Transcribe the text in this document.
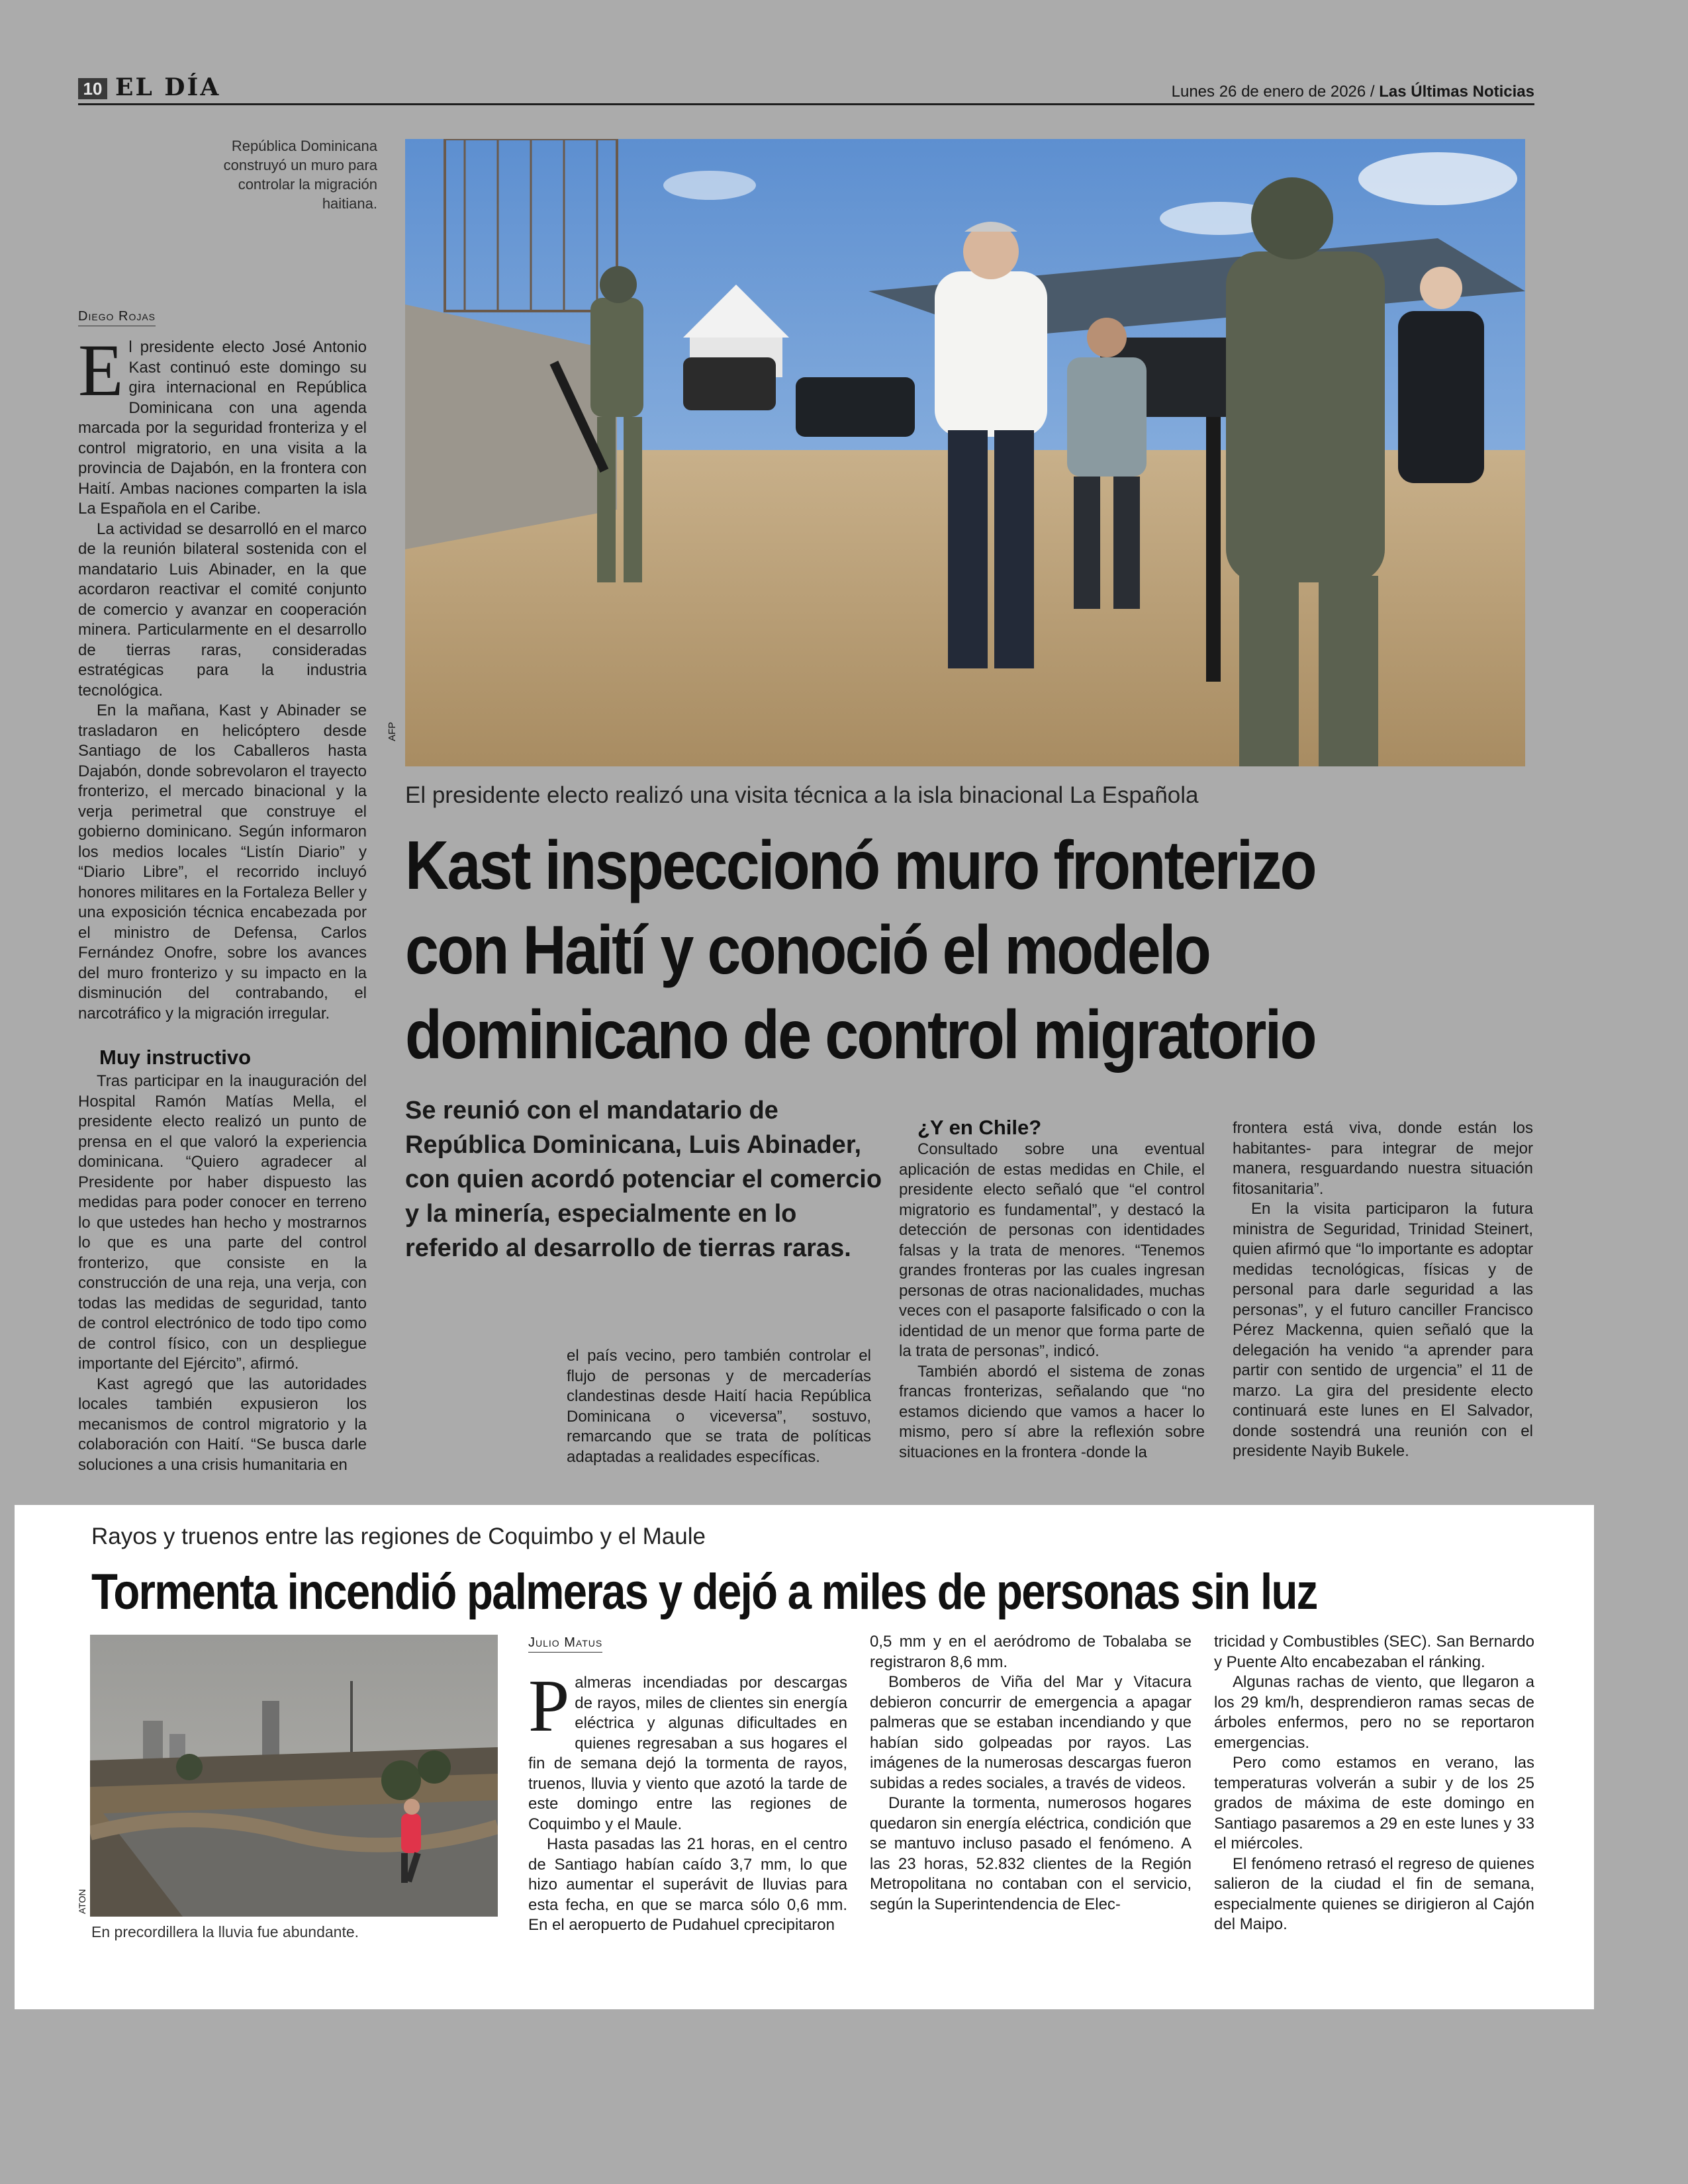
10 EL DÍA	Lunes 26 de enero de 2026 / Las Últimas Noticias
AFP
República Dominicana construyó un muro para controlar la migración haitiana.
Diego Rojas

El presidente electo José Antonio Kast continuó este domingo su gira internacional en República Dominicana con una agenda marcada por la seguridad fronteriza y el control migratorio, en una visita a la provincia de Dajabón, en la frontera con Haití. Ambas naciones comparten la isla La Española en el Caribe.

La actividad se desarrolló en el marco de la reunión bilateral sostenida con el mandatario Luis Abinader, en la que acordaron reactivar el comité conjunto de comercio y avanzar en cooperación minera. Particularmente en el desarrollo de tierras raras, consideradas estratégicas para la industria tecnológica.

En la mañana, Kast y Abinader se trasladaron en helicóptero desde Santiago de los Caballeros hasta Dajabón, donde sobrevolaron el trayecto fronterizo, el mercado binacional y la verja perimetral que construye el gobierno dominicano. Según informaron los medios locales “Listín Diario” y “Diario Libre”, el recorrido incluyó honores militares en la Fortaleza Beller y una exposición técnica encabezada por el ministro de Defensa, Carlos Fernández Onofre, sobre los avances del muro fronterizo y su impacto en la disminución del contrabando, el narcotráfico y la migración irregular.

Muy instructivo

Tras participar en la inauguración del Hospital Ramón Matías Mella, el presidente electo realizó un punto de prensa en el que valoró la experiencia dominicana. “Quiero agradecer al Presidente por haber dispuesto las medidas para poder conocer en terreno lo que ustedes han hecho y mostrarnos lo que es una parte del control fronterizo, que consiste en la construcción de una reja, una verja, con todas las medidas de seguridad, tanto de control electrónico de todo tipo como de control físico, con un despliegue importante del Ejército”, afirmó.

Kast agregó que las autoridades locales también expusieron los mecanismos de control migratorio y la colaboración con Haití. “Se busca darle soluciones a una crisis humanitaria en

El presidente electo realizó una visita técnica a la isla binacional La Española
Kast inspeccionó muro fronterizo con Haití y conoció el modelo dominicano de control migratorio
Se reunió con el mandatario de República Dominicana, Luis Abinader, con quien acordó potenciar el comercio y la minería, especialmente en lo referido al desarrollo de tierras raras.

el país vecino, pero también controlar el flujo de personas y de mercaderías clandestinas desde Haití hacia República Dominicana o viceversa”, sostuvo, remarcando que se trata de políticas adaptadas a realidades específicas.

¿Y en Chile?

Consultado sobre una eventual aplicación de estas medidas en Chile, el presidente electo señaló que “el control migratorio es fundamental”, y destacó la detección de personas con identidades falsas y la trata de menores. “Tenemos grandes fronteras por las cuales ingresan personas de otras nacionalidades, muchas veces con el pasaporte falsificado o con la identidad de un menor que forma parte de la trata de personas”, indicó.

También abordó el sistema de zonas francas fronterizas, señalando que “no estamos diciendo que vamos a hacer lo mismo, pero sí abre la reflexión sobre situaciones en la frontera -donde la

frontera está viva, donde están los habitantes- para integrar de mejor manera, resguardando nuestra situación fitosanitaria”.

En la visita participaron la futura ministra de Seguridad, Trinidad Steinert, quien afirmó que “lo importante es adoptar medidas tecnológicas, físicas y de personal para darle seguridad a las personas”, y el futuro canciller Francisco Pérez Mackenna, quien señaló que la delegación ha venido “a aprender para partir con sentido de urgencia” el 11 de marzo. La gira del presidente electo continuará este lunes en El Salvador, donde sostendrá una reunión con el presidente Nayib Bukele.

Rayos y truenos entre las regiones de Coquimbo y el Maule
Tormenta incendió palmeras y dejó a miles de personas sin luz
ATON
En precordillera la lluvia fue abundante.
Julio Matus

Palmeras incendiadas por descargas de rayos, miles de clientes sin energía eléctrica y algunas dificultades en quienes regresaban a sus hogares el fin de semana dejó la tormenta de rayos, truenos, lluvia y viento que azotó la tarde de este domingo entre las regiones de Coquimbo y el Maule.

Hasta pasadas las 21 horas, en el centro de Santiago habían caído 3,7 mm, lo que hizo aumentar el superávit de lluvias para esta fecha, en que se marca sólo 0,6 mm. En el aeropuerto de Pudahuel cprecipitaron

0,5 mm y en el aeródromo de Tobalaba se registraron 8,6 mm.

Bomberos de Viña del Mar y Vitacura debieron concurrir de emergencia a apagar palmeras que se estaban incendiando y que habían sido golpeadas por rayos. Las imágenes de la numerosas descargas fueron subidas a redes sociales, a través de videos.

Durante la tormenta, numerosos hogares quedaron sin energía eléctrica, condición que se mantuvo incluso pasado el fenómeno. A las 23 horas, 52.832 clientes de la Región Metropolitana no contaban con el servicio, según la Superintendencia de Elec-

tricidad y Combustibles (SEC). San Bernardo y Puente Alto encabezaban el ránking.

Algunas rachas de viento, que llegaron a los 29 km/h, desprendieron ramas secas de árboles enfermos, pero no se reportaron emergencias.

Pero como estamos en verano, las temperaturas volverán a subir y de los 25 grados de máxima de este domingo en Santiago pasaremos a 29 en este lunes y 33 el miércoles.

El fenómeno retrasó el regreso de quienes salieron de la ciudad el fin de semana, especialmente quienes se dirigieron al Cajón del Maipo.
